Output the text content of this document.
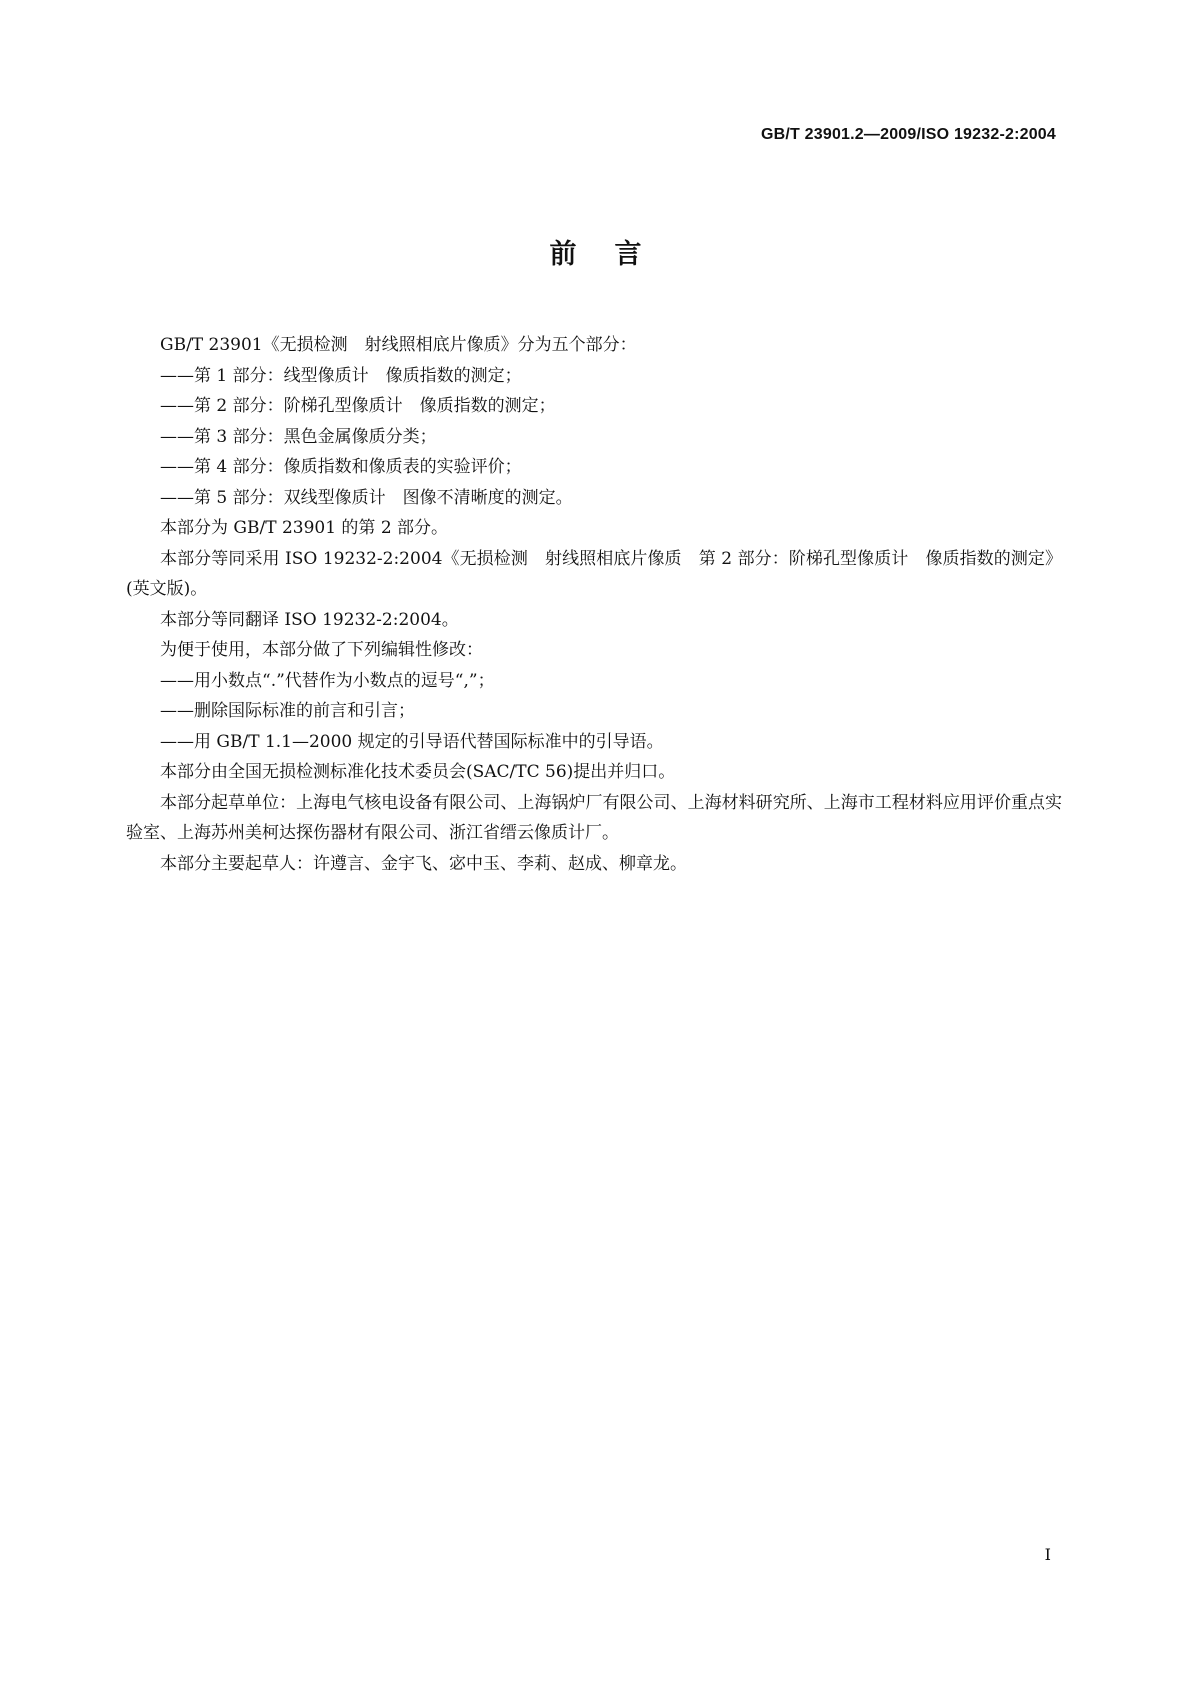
GB/T 23901.2—2009/ISO 19232-2:2004
前言

GB/T 23901《无损检测　射线照相底片像质》分为五个部分：

——第 1 部分：线型像质计　像质指数的测定；

——第 2 部分：阶梯孔型像质计　像质指数的测定；

——第 3 部分：黑色金属像质分类；

——第 4 部分：像质指数和像质表的实验评价；

——第 5 部分：双线型像质计　图像不清晰度的测定。

本部分为 GB/T 23901 的第 2 部分。

本部分等同采用 ISO 19232-2:2004《无损检测　射线照相底片像质　第 2 部分：阶梯孔型像质计　像质指数的测定》(英文版)。

本部分等同翻译 ISO 19232-2:2004。

为便于使用，本部分做了下列编辑性修改：

——用小数点“.”代替作为小数点的逗号“,”；

——删除国际标准的前言和引言；

——用 GB/T 1.1—2000 规定的引导语代替国际标准中的引导语。

本部分由全国无损检测标准化技术委员会(SAC/TC 56)提出并归口。

本部分起草单位：上海电气核电设备有限公司、上海锅炉厂有限公司、上海材料研究所、上海市工程材料应用评价重点实验室、上海苏州美柯达探伤器材有限公司、浙江省缙云像质计厂。

本部分主要起草人：许遵言、金宇飞、宓中玉、李莉、赵成、柳章龙。

I
